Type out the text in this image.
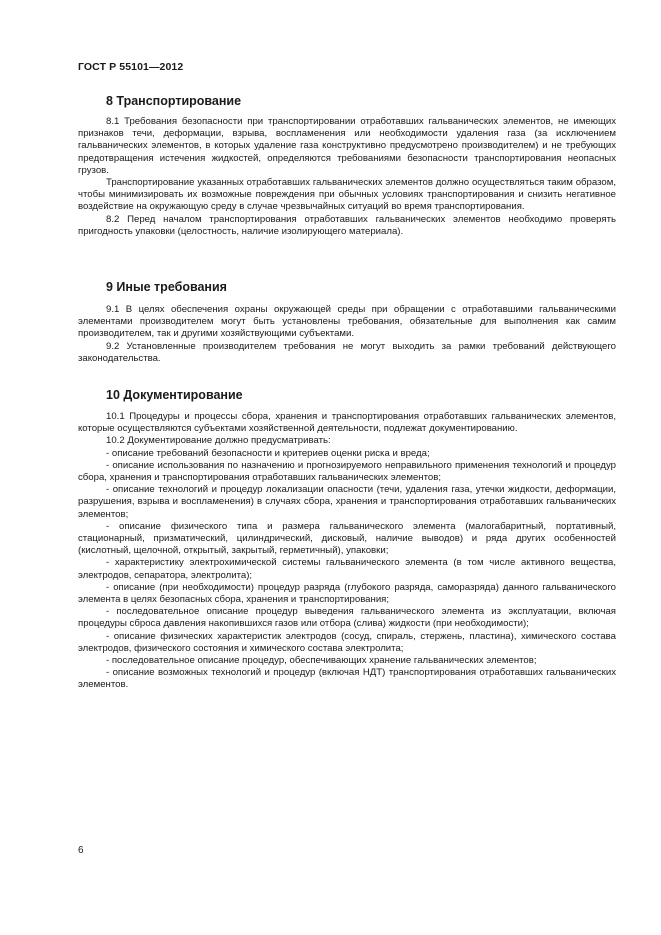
ГОСТ Р 55101—2012
8 Транспортирование

8.1 Требования безопасности при транспортировании отработавших гальванических элементов, не имеющих признаков течи, деформации, взрыва, воспламенения или необходимости удаления газа (за исключением гальванических элементов, в которых удаление газа конструктивно предусмотрено производителем) и не требующих предотвращения истечения жидкостей, определяются требованиями безопасности транспортирования неопасных грузов.

Транспортирование указанных отработавших гальванических элементов должно осуществляться таким образом, чтобы минимизировать их возможные повреждения при обычных условиях транспортирования и снизить негативное воздействие на окружающую среду в случае чрезвычайных ситуаций во время транспортирования.

8.2 Перед началом транспортирования отработавших гальванических элементов необходимо проверять пригодность упаковки (целостность, наличие изолирующего материала).

9 Иные требования

9.1 В целях обеспечения охраны окружающей среды при обращении с отработавшими гальваническими элементами производителем могут быть установлены требования, обязательные для выполнения как самим производителем, так и другими хозяйствующими субъектами.

9.2 Установленные производителем требования не могут выходить за рамки требований действующего законодательства.

10 Документирование

10.1 Процедуры и процессы сбора, хранения и транспортирования отработавших гальванических элементов, которые осуществляются субъектами хозяйственной деятельности, подлежат документированию.

10.2 Документирование должно предусматривать:

- описание требований безопасности и критериев оценки риска и вреда;

- описание использования по назначению и прогнозируемого неправильного применения технологий и процедур сбора, хранения и транспортирования отработавших гальванических элементов;

- описание технологий и процедур локализации опасности (течи, удаления газа, утечки жидкости, деформации, разрушения, взрыва и воспламенения) в случаях сбора, хранения и транспортирования отработавших гальванических элементов;

- описание физического типа и размера гальванического элемента (малогабаритный, портативный, стационарный, призматический, цилиндрический, дисковый, наличие выводов) и ряда других особенностей (кислотный, щелочной, открытый, закрытый, герметичный), упаковки;

- характеристику электрохимической системы гальванического элемента (в том числе активного вещества, электродов, сепаратора, электролита);

- описание (при необходимости) процедур разряда (глубокого разряда, саморазряда) данного гальванического элемента в целях безопасных сбора, хранения и транспортирования;

- последовательное описание процедур выведения гальванического элемента из эксплуатации, включая процедуры сброса давления накопившихся газов или отбора (слива) жидкости (при необходимости);

- описание физических характеристик электродов (сосуд, спираль, стержень, пластина), химического состава электродов, физического состояния и химического состава электролита;

- последовательное описание процедур, обеспечивающих хранение гальванических элементов;

- описание возможных технологий и процедур (включая НДТ) транспортирования отработавших гальванических элементов.

6
